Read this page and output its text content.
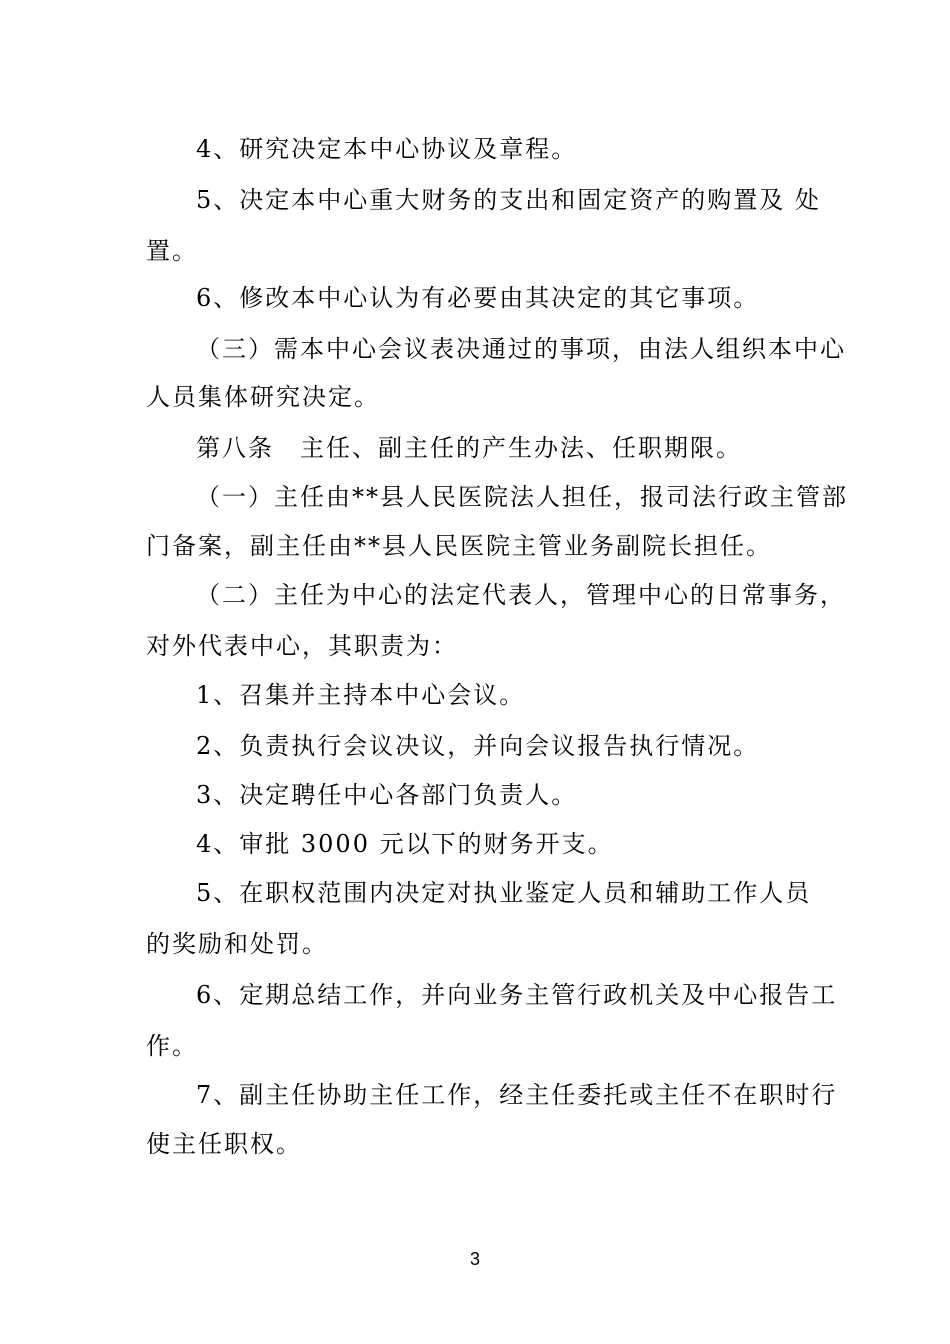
4、研究决定本中心协议及章程。
5、决定本中心重大财务的支出和固定资产的购置及 处
置。
6、修改本中心认为有必要由其决定的其它事项。
（三）需本中心会议表决通过的事项，由法人组织本中心
人员集体研究决定。
第八条　主任、副主任的产生办法、任职期限。
（一）主任由**县人民医院法人担任，报司法行政主管部
门备案，副主任由**县人民医院主管业务副院长担任。
（二）主任为中心的法定代表人，管理中心的日常事务，
对外代表中心，其职责为：
1、召集并主持本中心会议。
2、负责执行会议决议，并向会议报告执行情况。
3、决定聘任中心各部门负责人。
4、审批 3000 元以下的财务开支。
5、在职权范围内决定对执业鉴定人员和辅助工作人员
的奖励和处罚。
6、定期总结工作，并向业务主管行政机关及中心报告工
作。
7、副主任协助主任工作，经主任委托或主任不在职时行
使主任职权。
3
